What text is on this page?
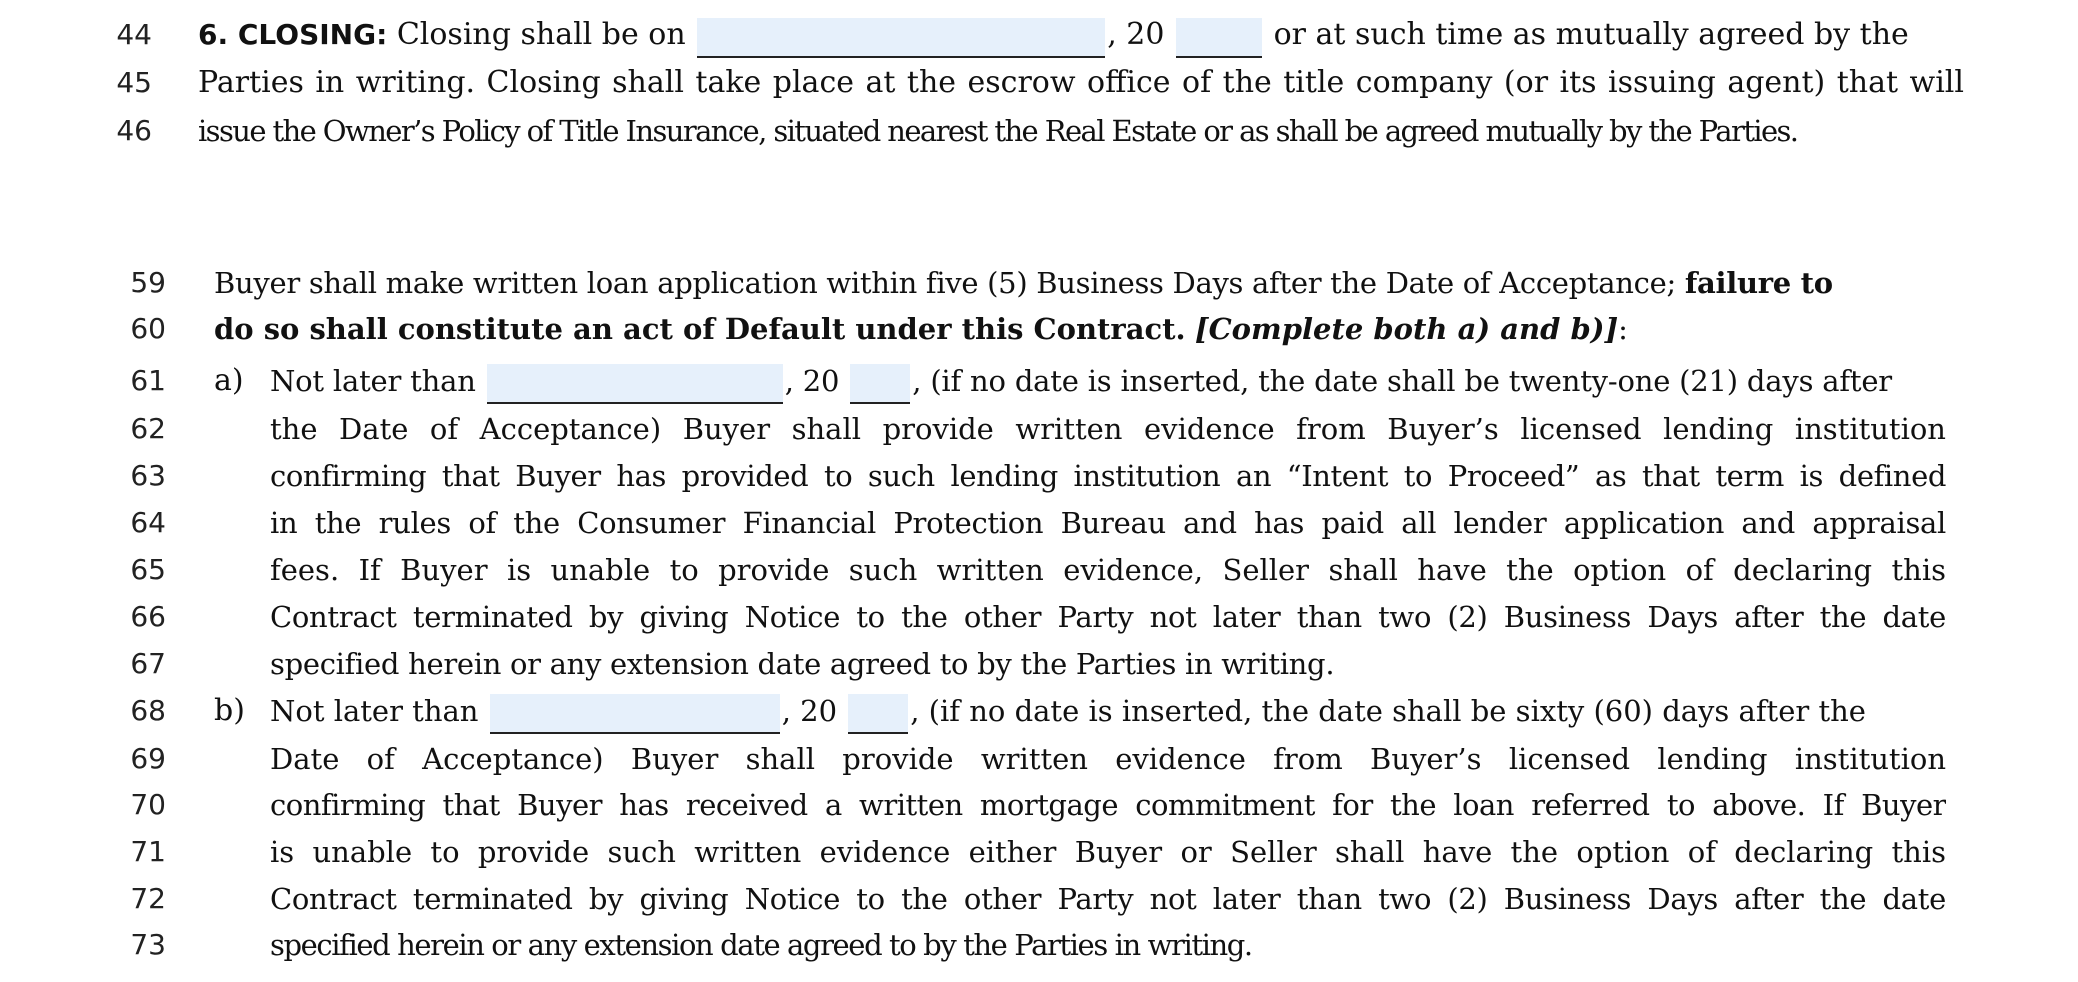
44 6. CLOSING: Closing shall be on	, 20	or at such time as mutually agreed by the
45 Parties in writing. Closing shall take place at the escrow office of the title company (or its issuing agent) that will
46 issue the Owner’s Policy of Title Insurance, situated nearest the Real Estate or as shall be agreed mutually by the Parties.
59 Buyer shall make written loan application within five (5) Business Days after the Date of Acceptance; failure to
60 do so shall constitute an act of Default under this Contract. [Complete both a) and b)]:
61 a) Not later than	, 20	, (if no date is inserted, the date shall be twenty-one (21) days after
62	the Date of Acceptance) Buyer shall provide written evidence from Buyer’s licensed lending institution
63	confirming that Buyer has provided to such lending institution an “Intent to Proceed” as that term is defined
64	in the rules of the Consumer Financial Protection Bureau and has paid all lender application and appraisal
65	fees. If Buyer is unable to provide such written evidence, Seller shall have the option of declaring this
66	Contract terminated by giving Notice to the other Party not later than two (2) Business Days after the date
67	specified herein or any extension date agreed to by the Parties in writing.
68 b) Not later than	, 20	, (if no date is inserted, the date shall be sixty (60) days after the
69	Date of Acceptance) Buyer shall provide written evidence from Buyer’s licensed lending institution
70	confirming that Buyer has received a written mortgage commitment for the loan referred to above. If Buyer
71	is unable to provide such written evidence either Buyer or Seller shall have the option of declaring this
72	Contract terminated by giving Notice to the other Party not later than two (2) Business Days after the date
73	specified herein or any extension date agreed to by the Parties in writing.
